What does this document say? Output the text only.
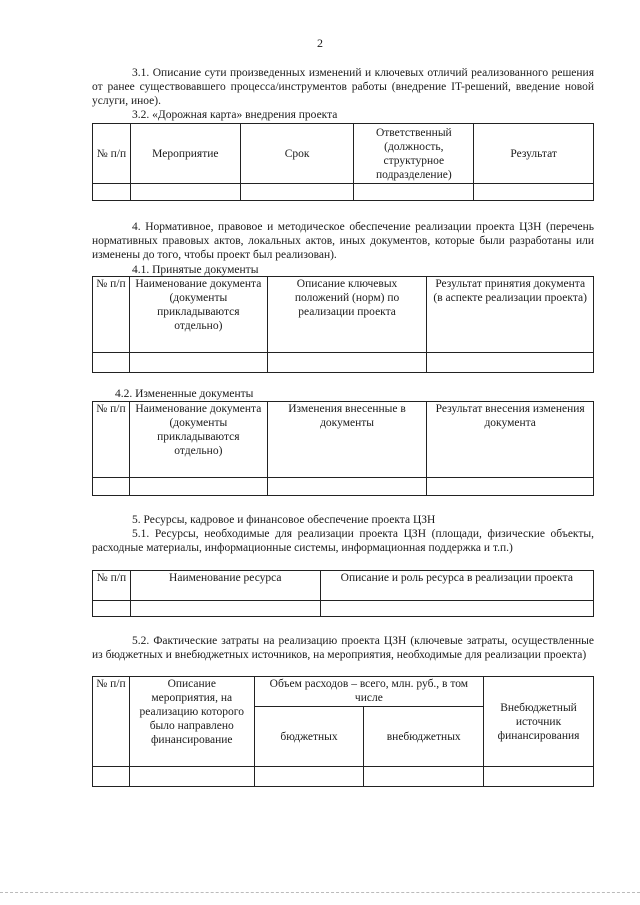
2
3.1. Описание сути произведенных изменений и ключевых отличий реализованного решения от ранее существовавшего процесса/инструментов работы (внедрение IT-решений, введение новой услуги, иное).
3.2. «Дорожная карта» внедрения проекта
№ п/п	Мероприятие	Срок	Ответственный (должность, структурное подразделение)	Результат

4. Нормативное, правовое и методическое обеспечение реализации проекта ЦЗН (перечень нормативных правовых актов, локальных актов, иных документов, которые были разработаны или изменены до того, чтобы проект был реализован).
4.1. Принятые документы
№ п/п	Наименование документа (документы прикладываются отдельно)	Описание ключевых положений (норм) по реализации проекта	Результат принятия документа (в аспекте реализации проекта)

4.2. Измененные документы
№ п/п	Наименование документа (документы прикладываются отдельно)	Изменения внесенные в документы	Результат внесения изменения документа

5. Ресурсы, кадровое и финансовое обеспечение проекта ЦЗН
5.1. Ресурсы, необходимые для реализации проекта ЦЗН (площади, физические объекты, расходные материалы, информационные системы, информационная поддержка и т.п.)
№ п/п	Наименование ресурса	Описание и роль ресурса в реализации проекта

5.2. Фактические затраты на реализацию проекта ЦЗН (ключевые затраты, осуществленные из бюджетных и внебюджетных источников, на мероприятия, необходимые для реализации проекта)
№ п/п	Описание мероприятия, на реализацию которого было направлено финансирование	Объем расходов – всего, млн. руб., в том числе		Внебюджетный источник финансирования
		бюджетных	внебюджетных	
